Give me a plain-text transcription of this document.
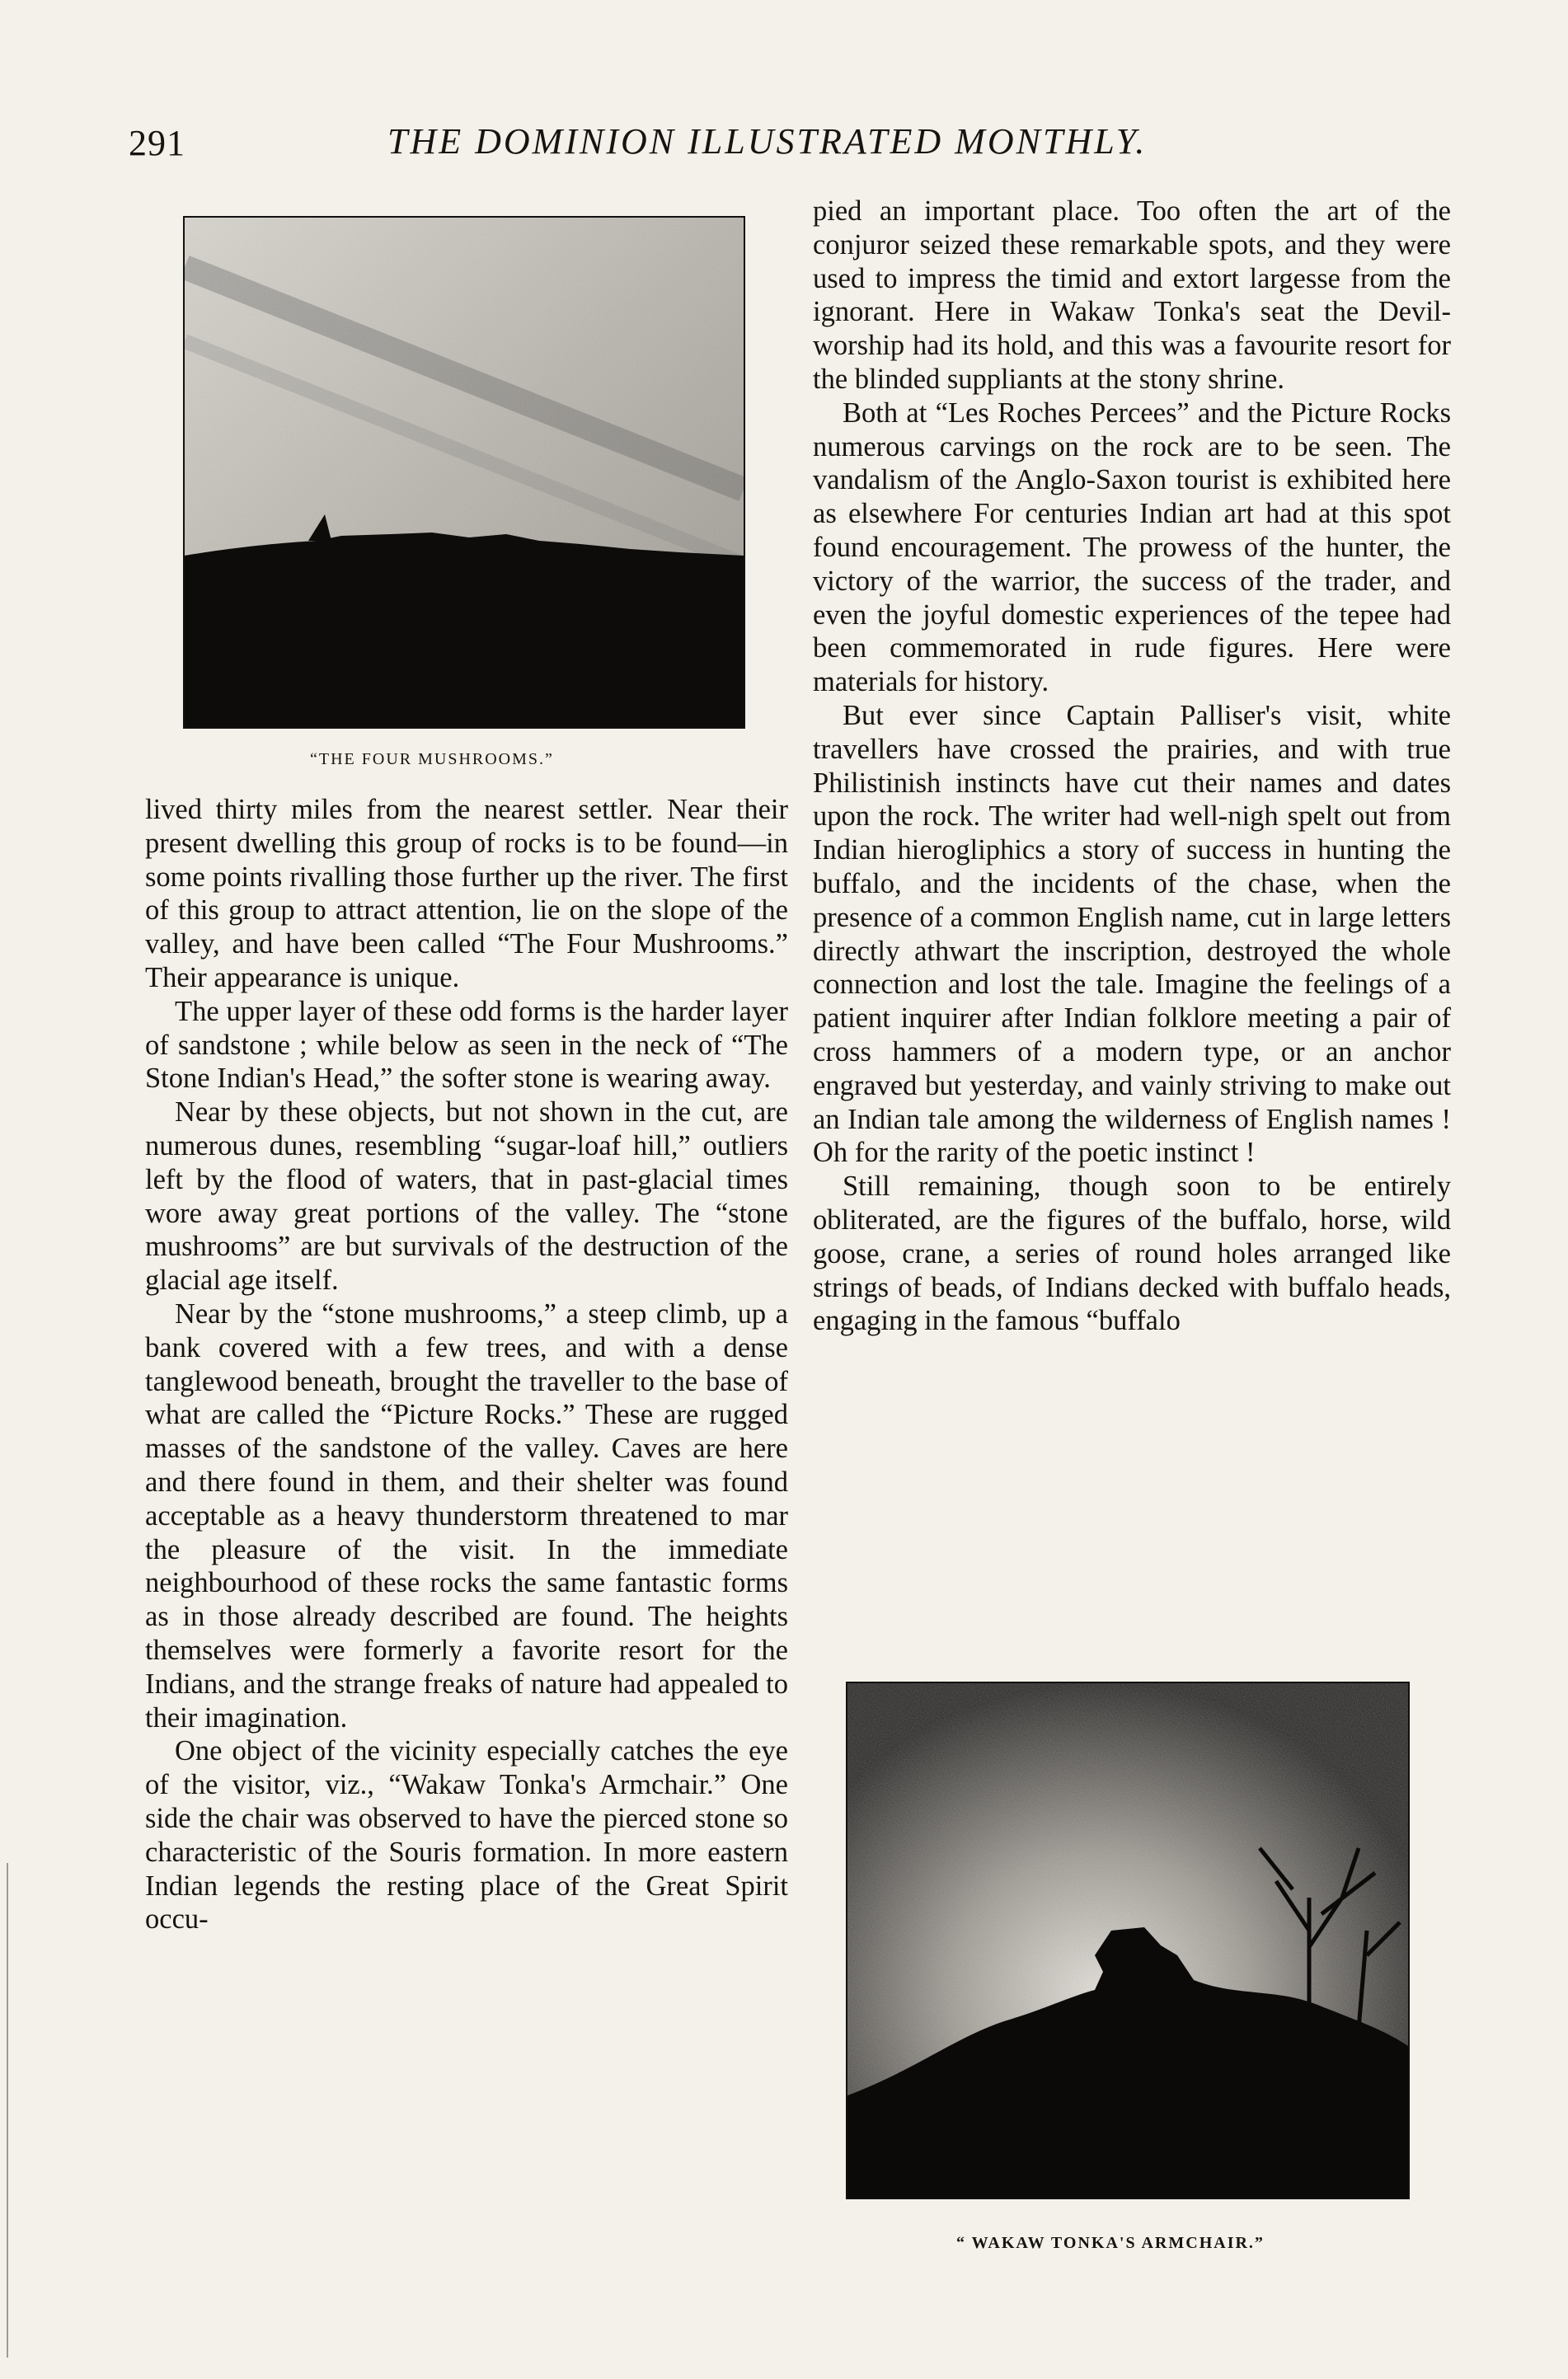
291	THE DOMINION ILLUSTRATED MONTHLY.
“THE FOUR MUSHROOMS.”

lived thirty miles from the nearest settler. Near their present dwelling this group of rocks is to be found—in some points rivalling those further up the river. The first of this group to attract attention, lie on the slope of the valley, and have been called “The Four Mushrooms.” Their appearance is unique.

The upper layer of these odd forms is the harder layer of sandstone ; while below as seen in the neck of “The Stone Indian's Head,” the softer stone is wearing away.

Near by these objects, but not shown in the cut, are numerous dunes, resembling “sugar-loaf hill,” outliers left by the flood of waters, that in past-glacial times wore away great portions of the valley. The “stone mushrooms” are but survivals of the destruction of the glacial age itself.

Near by the “stone mushrooms,” a steep climb, up a bank covered with a few trees, and with a dense tanglewood beneath, brought the traveller to the base of what are called the “Picture Rocks.” These are rugged masses of the sandstone of the valley. Caves are here and there found in them, and their shelter was found acceptable as a heavy thunderstorm threatened to mar the pleasure of the visit. In the immediate neighbourhood of these rocks the same fantastic forms as in those already described are found. The heights themselves were formerly a favorite resort for the Indians, and the strange freaks of nature had appealed to their imagination.

One object of the vicinity especially catches the eye of the visitor, viz., “Wakaw Tonka's Armchair.” One side the chair was observed to have the pierced stone so characteristic of the Souris formation. In more eastern Indian legends the resting place of the Great Spirit occu-

pied an important place. Too often the art of the conjuror seized these remarkable spots, and they were used to impress the timid and extort largesse from the ignorant. Here in Wakaw Tonka's seat the Devil-worship had its hold, and this was a favourite resort for the blinded suppliants at the stony shrine.

Both at “Les Roches Percees” and the Picture Rocks numerous carvings on the rock are to be seen. The vandalism of the Anglo-Saxon tourist is exhibited here as elsewhere For centuries Indian art had at this spot found encouragement. The prowess of the hunter, the victory of the warrior, the success of the trader, and even the joyful domestic experiences of the tepee had been commemorated in rude figures. Here were materials for history.

But ever since Captain Palliser's visit, white travellers have crossed the prairies, and with true Philistinish instincts have cut their names and dates upon the rock. The writer had well-nigh spelt out from Indian hierogliphics a story of success in hunting the buffalo, and the incidents of the chase, when the presence of a common English name, cut in large letters directly athwart the inscription, destroyed the whole connection and lost the tale. Imagine the feelings of a patient inquirer after Indian folklore meeting a pair of cross hammers of a modern type, or an anchor engraved but yesterday, and vainly striving to make out an Indian tale among the wilderness of English names ! Oh for the rarity of the poetic instinct !

Still remaining, though soon to be entirely obliterated, are the figures of the buffalo, horse, wild goose, crane, a series of round holes arranged like strings of beads, of Indians decked with buffalo heads, engaging in the famous “buffalo

“ WAKAW TONKA'S ARMCHAIR.”
